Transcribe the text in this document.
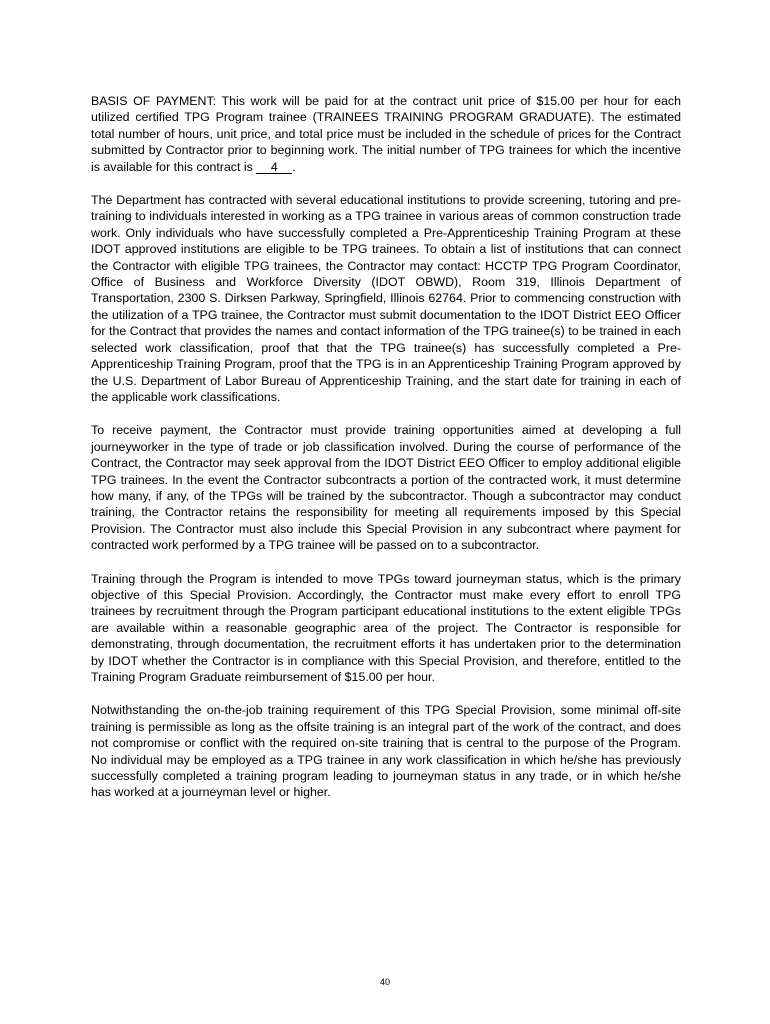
BASIS OF PAYMENT: This work will be paid for at the contract unit price of $15.00 per hour for each utilized certified TPG Program trainee (TRAINEES TRAINING PROGRAM GRADUATE). The estimated total number of hours, unit price, and total price must be included in the schedule of prices for the Contract submitted by Contractor prior to beginning work. The initial number of TPG trainees for which the incentive is available for this contract is 4 .

The Department has contracted with several educational institutions to provide screening, tutoring and pre-training to individuals interested in working as a TPG trainee in various areas of common construction trade work. Only individuals who have successfully completed a Pre-Apprenticeship Training Program at these IDOT approved institutions are eligible to be TPG trainees. To obtain a list of institutions that can connect the Contractor with eligible TPG trainees, the Contractor may contact: HCCTP TPG Program Coordinator, Office of Business and Workforce Diversity (IDOT OBWD), Room 319, Illinois Department of Transportation, 2300 S. Dirksen Parkway, Springfield, Illinois 62764. Prior to commencing construction with the utilization of a TPG trainee, the Contractor must submit documentation to the IDOT District EEO Officer for the Contract that provides the names and contact information of the TPG trainee(s) to be trained in each selected work classification, proof that that the TPG trainee(s) has successfully completed a Pre-Apprenticeship Training Program, proof that the TPG is in an Apprenticeship Training Program approved by the U.S. Department of Labor Bureau of Apprenticeship Training, and the start date for training in each of the applicable work classifications.

To receive payment, the Contractor must provide training opportunities aimed at developing a full journeyworker in the type of trade or job classification involved. During the course of performance of the Contract, the Contractor may seek approval from the IDOT District EEO Officer to employ additional eligible TPG trainees. In the event the Contractor subcontracts a portion of the contracted work, it must determine how many, if any, of the TPGs will be trained by the subcontractor. Though a subcontractor may conduct training, the Contractor retains the responsibility for meeting all requirements imposed by this Special Provision. The Contractor must also include this Special Provision in any subcontract where payment for contracted work performed by a TPG trainee will be passed on to a subcontractor.

Training through the Program is intended to move TPGs toward journeyman status, which is the primary objective of this Special Provision. Accordingly, the Contractor must make every effort to enroll TPG trainees by recruitment through the Program participant educational institutions to the extent eligible TPGs are available within a reasonable geographic area of the project. The Contractor is responsible for demonstrating, through documentation, the recruitment efforts it has undertaken prior to the determination by IDOT whether the Contractor is in compliance with this Special Provision, and therefore, entitled to the Training Program Graduate reimbursement of $15.00 per hour.

Notwithstanding the on-the-job training requirement of this TPG Special Provision, some minimal off-site training is permissible as long as the offsite training is an integral part of the work of the contract, and does not compromise or conflict with the required on-site training that is central to the purpose of the Program. No individual may be employed as a TPG trainee in any work classification in which he/she has previously successfully completed a training program leading to journeyman status in any trade, or in which he/she has worked at a journeyman level or higher.

40
